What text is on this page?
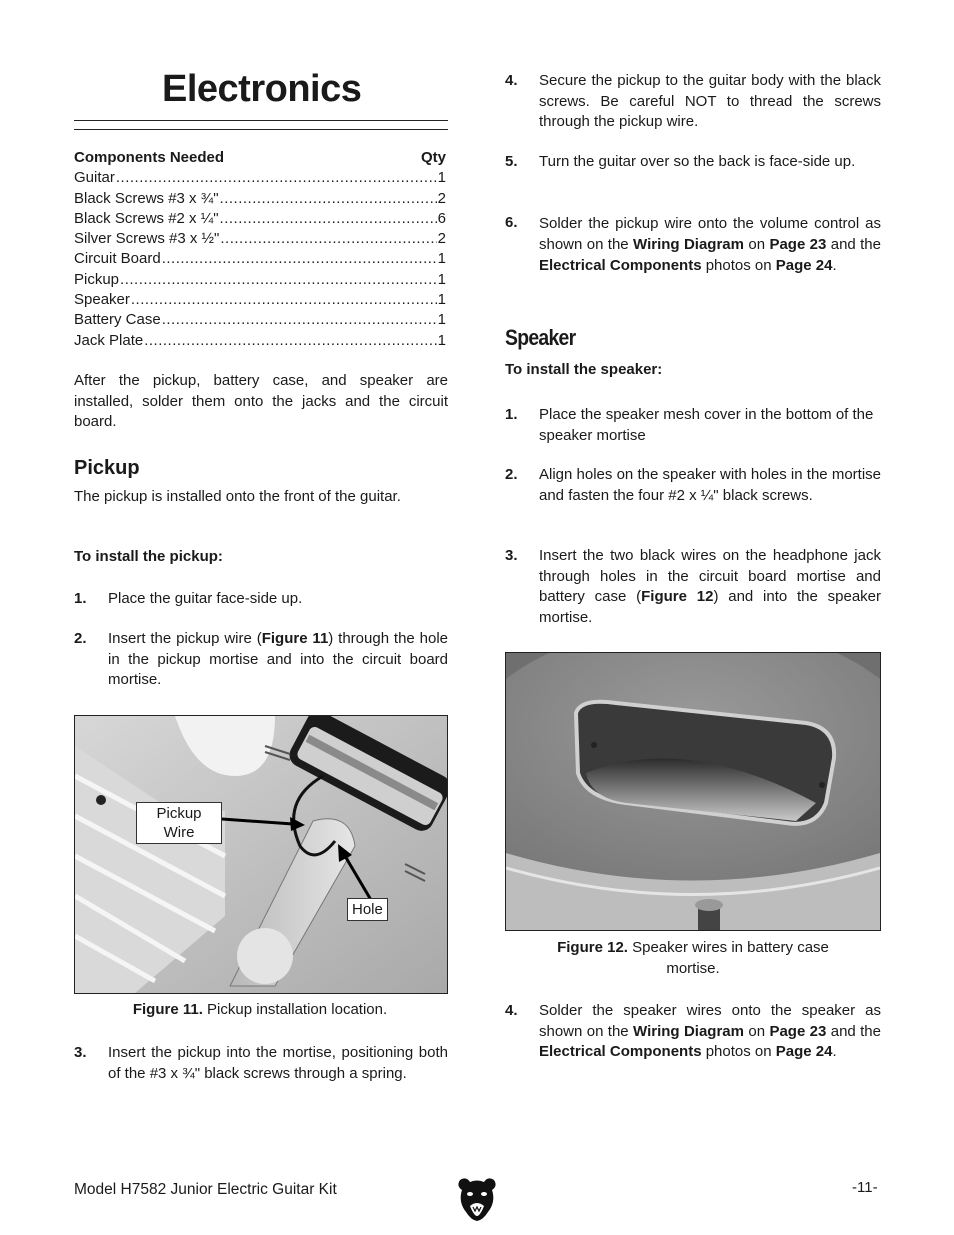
Electronics
Components Needed	Qty
Guitar .....	1
Black Screws #3 x ¾" .....	2
Black Screws #2 x ¼" .....	6
Silver Screws #3 x ½" .....	2
Circuit Board .....	1
Pickup .....	1
Speaker .....	1
Battery Case .....	1
Jack Plate .....	1

After the pickup, battery case, and speaker are installed, solder them onto the jacks and the circuit board.

Pickup

The pickup is installed onto the front of the guitar.

To install the pickup:
1.	Place the guitar face-side up.
2.	Insert the pickup wire (Figure 11) through the hole in the pickup mortise and into the circuit board mortise.
Pickup
Wire
Hole
Figure 11. Pickup installation location.
3.	Insert the pickup into the mortise, positioning both of the #3 x ¾" black screws through a spring.
4.	Secure the pickup to the guitar body with the black screws. Be careful NOT to thread the screws through the pickup wire.
5.	Turn the guitar over so the back is face-side up.
6.	Solder the pickup wire onto the volume control as shown on the Wiring Diagram on Page 23 and the Electrical Components photos on Page 24.
Speaker
To install the speaker:
1.	Place the speaker mesh cover in the bottom of the speaker mortise
2.	Align holes on the speaker with holes in the mortise and fasten the four #2 x ¼" black screws.
3.	Insert the two black wires on the headphone jack through holes in the circuit board mortise and battery case (Figure 12) and into the speaker mortise.
Figure 12. Speaker wires in battery case
mortise.
4.	Solder the speaker wires onto the speaker as shown on the Wiring Diagram on Page 23 and the Electrical Components photos on Page 24.
Model H7582 Junior Electric Guitar Kit	-11-
